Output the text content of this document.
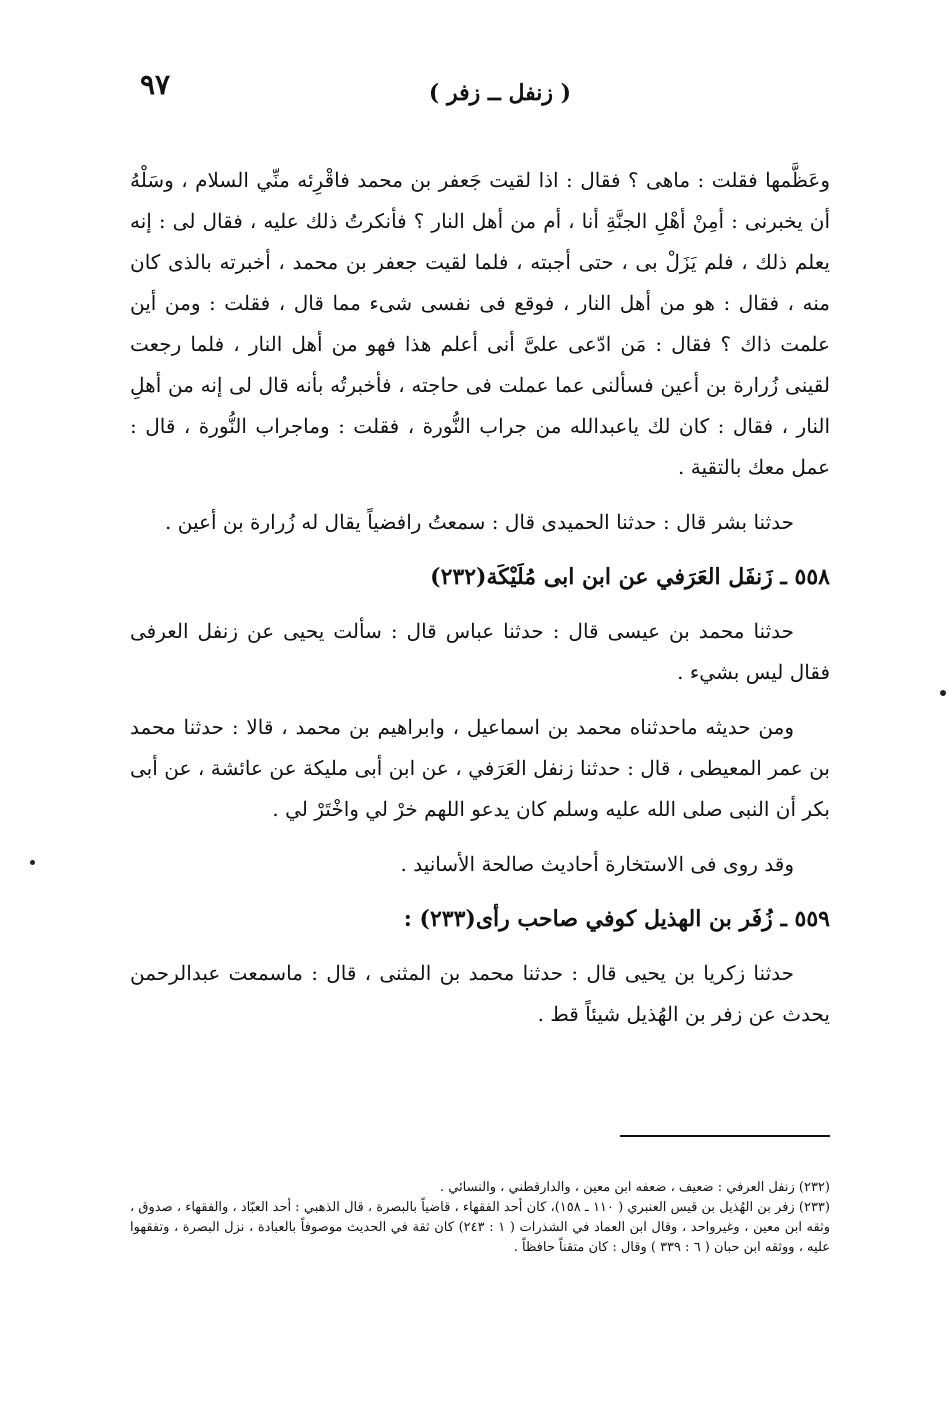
٩٧	( زنفل ــ زفر )

وعَظَّمها فقلت : ماهى ؟ فقال : اذا لقيت جَعفر بن محمد فاقْرِئه منِّي السلام ، وسَلْهُ أن يخبرنى : أمِنْ أهْلِ الجنَّةِ أنا ، أم من أهل النار ؟ فأنكرتُ ذلك عليه ، فقال لى : إنه يعلم ذلك ، فلم يَزَلْ بى ، حتى أجبته ، فلما لقيت جعفر بن محمد ، أخبرته بالذى كان منه ، فقال : هو من أهل النار ، فوقع فى نفسى شىء مما قال ، فقلت : ومن أين علمت ذاك ؟ فقال : مَن ادّعى علىَّ أنى أعلم هذا فهو من أهل النار ، فلما رجعت لقينى زُرارة بن أعين فسألنى عما عملت فى حاجته ، فأخبرتُه بأنه قال لى إنه من أهلِ النار ، فقال : كان لك ياعبدالله من جراب النُّورة ، فقلت : وماجراب النُّورة ، قال : عمل معك بالتقية .

حدثنا بشر قال : حدثنا الحميدى قال : سمعتُ رافضياً يقال له زُرارة بن أعين .

٥٥٨ ـ زَنفَل العَرَفي عن ابن ابى مُلَيْكَة(٢٣٢)

حدثنا محمد بن عيسى قال : حدثنا عباس قال : سألت يحيى عن زنفل العرفى فقال ليس بشيء .

ومن حديثه ماحدثناه محمد بن اسماعيل ، وابراهيم بن محمد ، قالا : حدثنا محمد بن عمر المعيطى ، قال : حدثنا زنفل العَرَفي ، عن ابن أبى مليكة عن عائشة ، عن أبى بكر أن النبى صلى الله عليه وسلم كان يدعو اللهم خرْ لي واخْتَرْ لي .

وقد روى فى الاستخارة أحاديث صالحة الأسانيد .

٥٥٩ ـ زُفَر بن الهذيل كوفي صاحب رأى(٢٣٣) :

حدثنا زكريا بن يحيى قال : حدثنا محمد بن المثنى ، قال : ماسمعت عبدالرحمن يحدث عن زفر بن الهُذيل شيئاً قط .

(٢٣٢) زنفل العرفي : ضعيف ، ضعفه ابن معين ، والدارقطني ، والنسائي .

(٢٣٣) زفر بن الهُذيل بن قيس العنبري ( ١١٠ ـ ١٥٨)، كان أحد الفقهاء ، قاضياً بالبصرة ، قال الذهبي : أحد العبّاد ، والفقهاء ، صدوق ، وثقه ابن معين ، وغيرواحد ، وقال ابن العماد في الشذرات ( ١ : ٢٤٣) كان ثقة في الحديث موصوفاً بالعبادة ، نزل البصرة ، وتفقهوا عليه ، ووثقه ابن حبان ( ٦ : ٣٣٩ ) وقال : كان متقناً حافظاً .
